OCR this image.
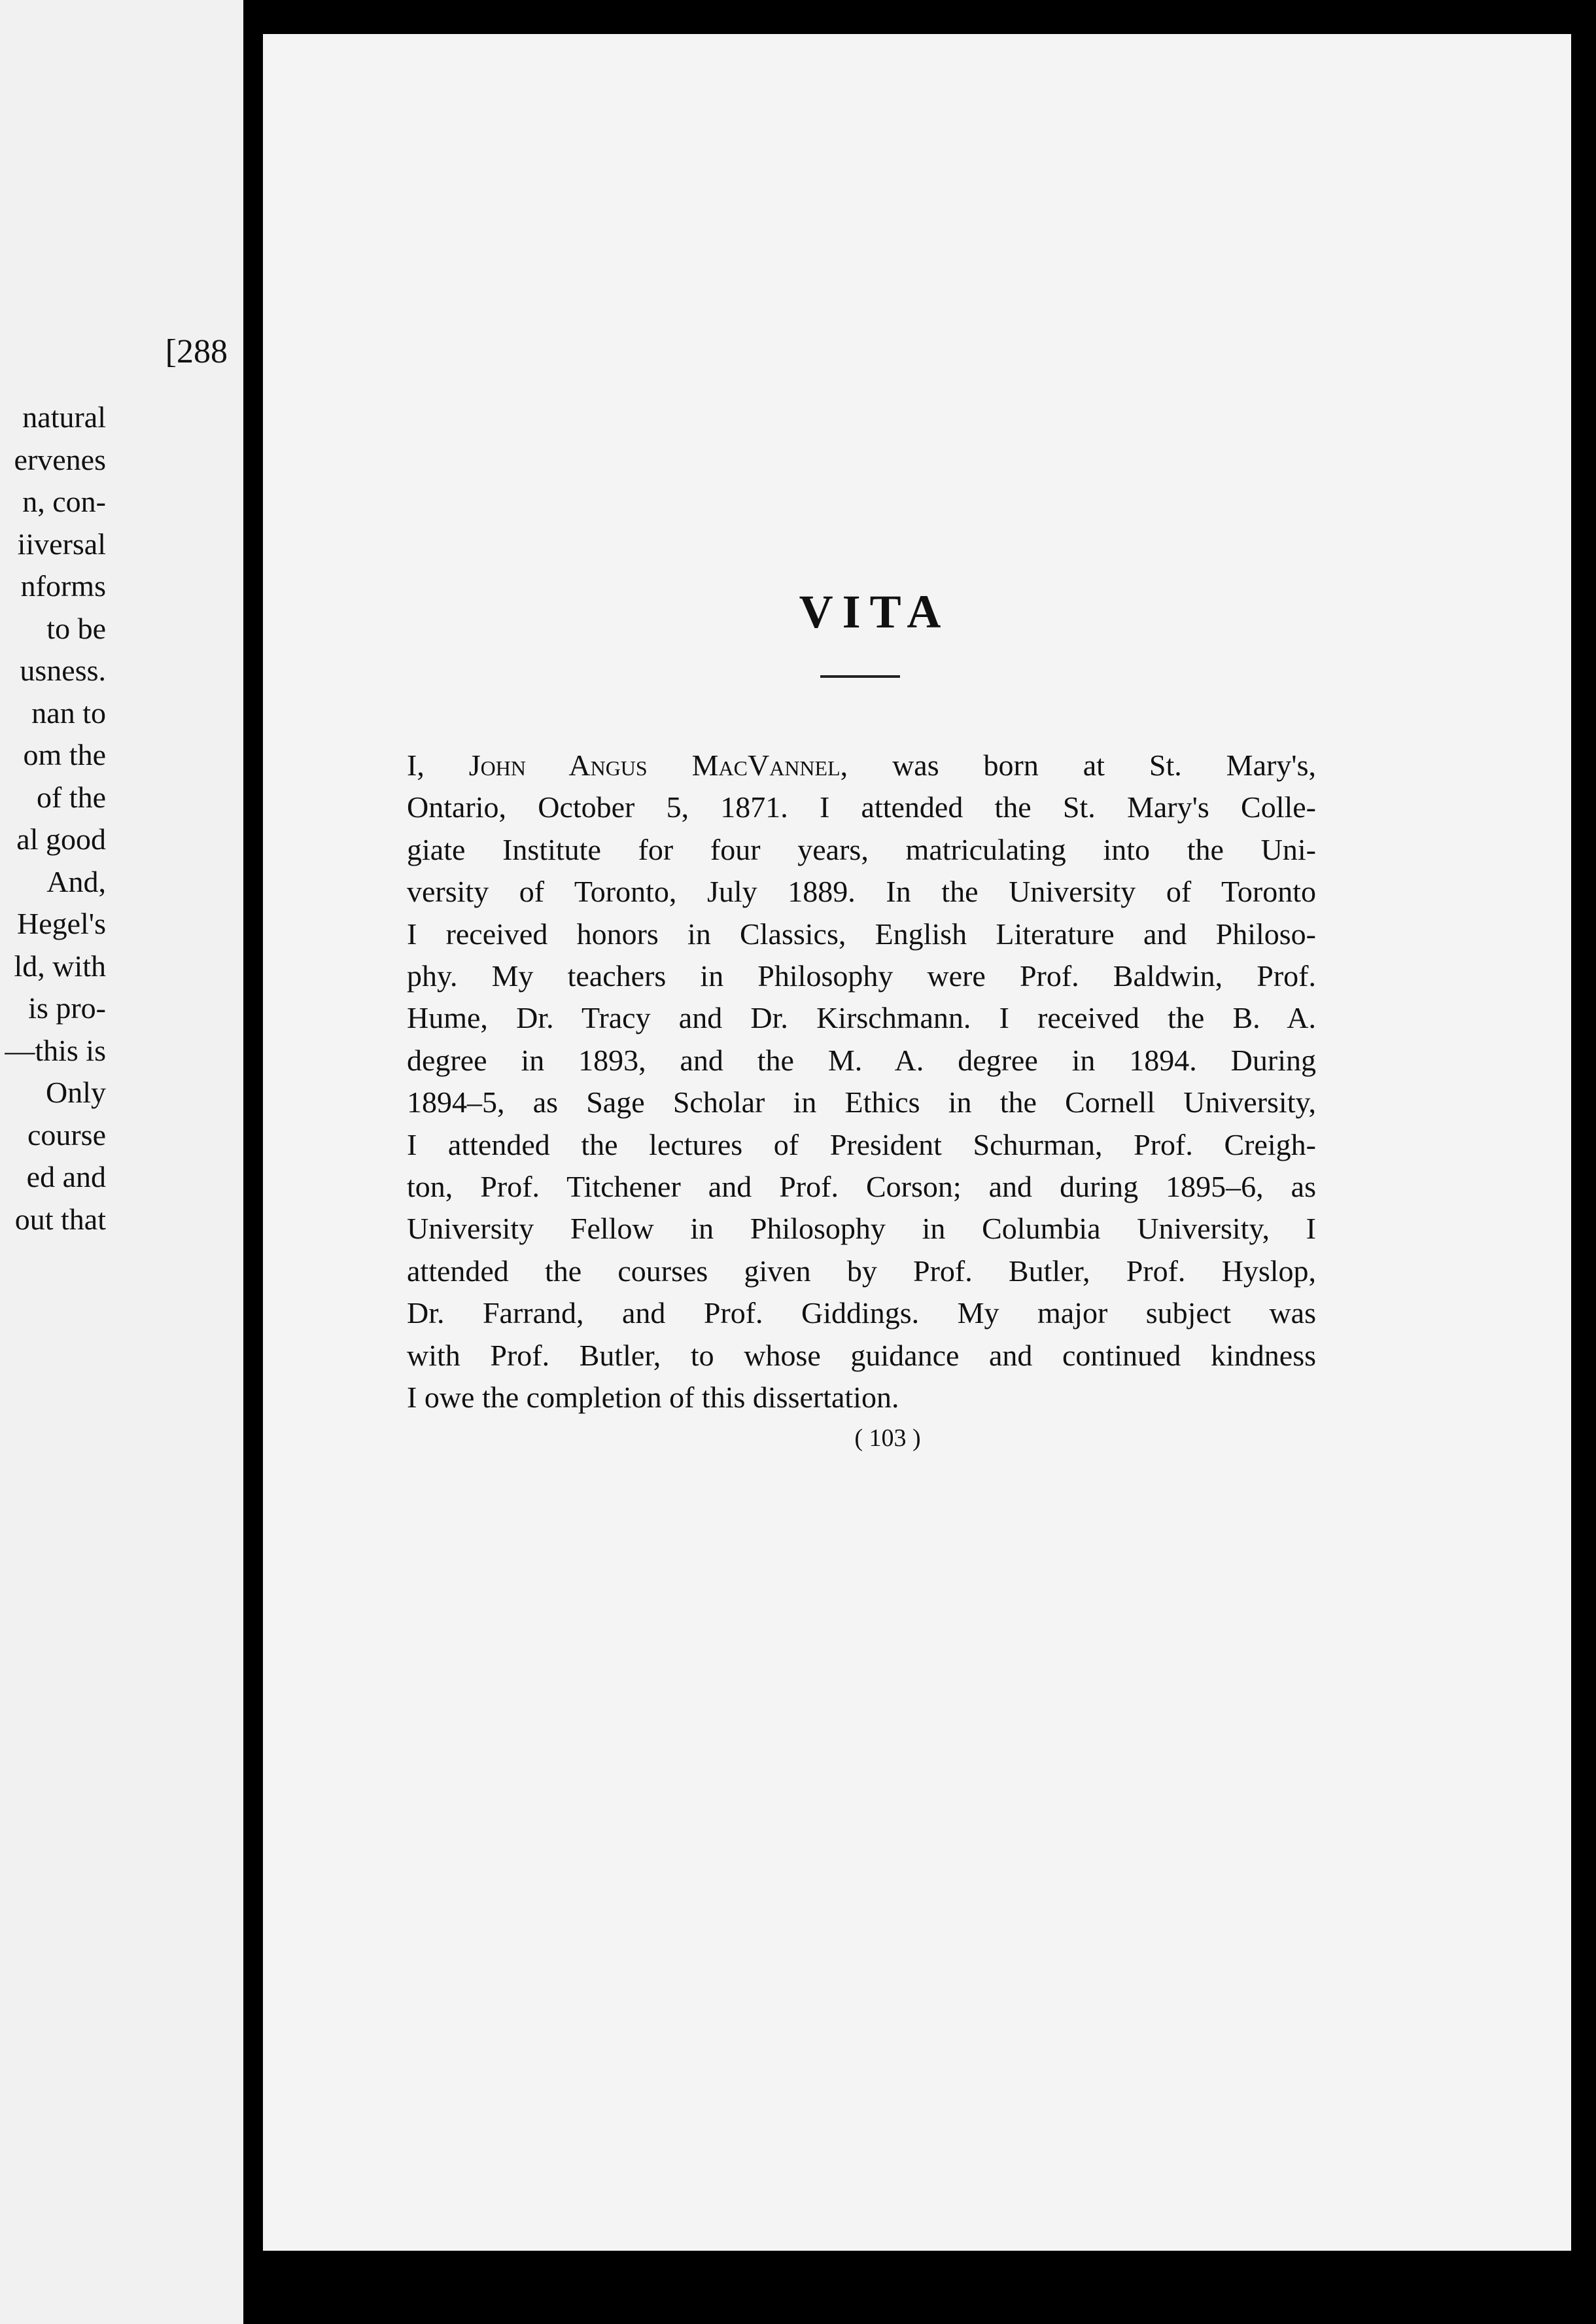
[288
natural
ervenes
n, con-
iiversal
nforms
to be
usness.
nan to
om the
of the
al good
And,
Hegel's
ld, with
is pro-
—this is
Only
course
ed and
out that
VITA
I, John Angus MacVannel, was born at St. Mary's,
Ontario, October 5, 1871. I attended the St. Mary's Colle-
giate Institute for four years, matriculating into the Uni-
versity of Toronto, July 1889. In the University of Toronto
I received honors in Classics, English Literature and Philoso-
phy. My teachers in Philosophy were Prof. Baldwin, Prof.
Hume, Dr. Tracy and Dr. Kirschmann. I received the B. A.
degree in 1893, and the M. A. degree in 1894. During
1894–5, as Sage Scholar in Ethics in the Cornell University,
I attended the lectures of President Schurman, Prof. Creigh-
ton, Prof. Titchener and Prof. Corson; and during 1895–6, as
University Fellow in Philosophy in Columbia University, I
attended the courses given by Prof. Butler, Prof. Hyslop,
Dr. Farrand, and Prof. Giddings. My major subject was
with Prof. Butler, to whose guidance and continued kindness
I owe the completion of this dissertation.
( 103 )
